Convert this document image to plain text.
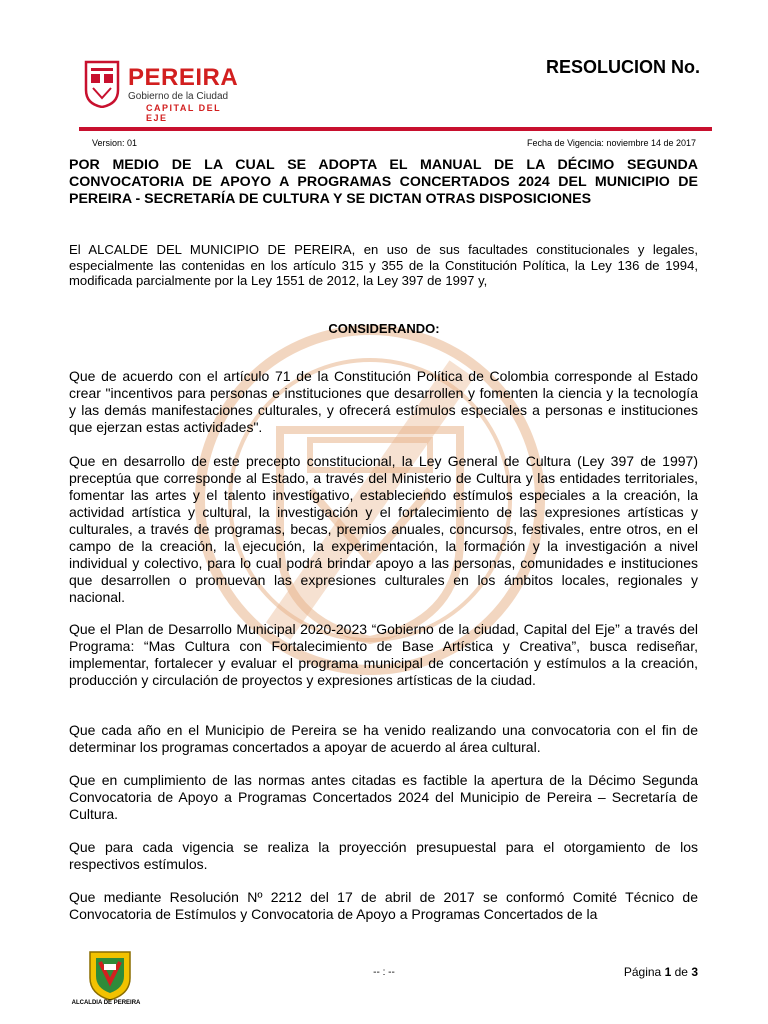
PEREIRA
Gobierno de la Ciudad
CAPITAL DEL EJE
RESOLUCION No.
Version: 01	Fecha de Vigencia: noviembre 14 de 2017
POR MEDIO DE LA CUAL SE ADOPTA EL MANUAL DE LA DÉCIMO SEGUNDA CONVOCATORIA DE APOYO A PROGRAMAS CONCERTADOS 2024 DEL MUNICIPIO DE PEREIRA - SECRETARÍA DE CULTURA Y SE DICTAN OTRAS DISPOSICIONES
El ALCALDE DEL MUNICIPIO DE PEREIRA, en uso de sus facultades constitucionales y legales, especialmente las contenidas en los artículo 315 y 355 de la Constitución Política, la Ley 136 de 1994, modificada parcialmente por la Ley 1551 de 2012, la Ley 397 de 1997 y,
CONSIDERANDO:

Que de acuerdo con el artículo 71 de la Constitución Política de Colombia corresponde al Estado crear "incentivos para personas e instituciones que desarrollen y fomenten la ciencia y la tecnología y las demás manifestaciones culturales, y ofrecerá estímulos especiales a personas e instituciones que ejerzan estas actividades".

Que en desarrollo de este precepto constitucional, la Ley General de Cultura (Ley 397 de 1997) preceptúa que corresponde al Estado, a través del Ministerio de Cultura y las entidades territoriales, fomentar las artes y el talento investigativo, estableciendo estímulos especiales a la creación, la actividad artística y cultural, la investigación y el fortalecimiento de las expresiones artísticas y culturales, a través de programas, becas, premios anuales, concursos, festivales, entre otros, en el campo de la creación, la ejecución, la experimentación, la formación y la investigación a nivel individual y colectivo, para lo cual podrá brindar apoyo a las personas, comunidades e instituciones que desarrollen o promuevan las expresiones culturales en los ámbitos locales, regionales y nacional.

Que el Plan de Desarrollo Municipal 2020-2023 “Gobierno de la ciudad, Capital del Eje” a través del Programa: “Mas Cultura con Fortalecimiento de Base Artística y Creativa”, busca rediseñar, implementar, fortalecer y evaluar el programa municipal de concertación y estímulos a la creación, producción y circulación de proyectos y expresiones artísticas de la ciudad.

Que cada año en el Municipio de Pereira se ha venido realizando una convocatoria con el fin de determinar los programas concertados a apoyar de acuerdo al área cultural.

Que en cumplimiento de las normas antes citadas es factible la apertura de la Décimo Segunda Convocatoria de Apoyo a Programas Concertados 2024 del Municipio de Pereira – Secretaría de Cultura.

Que para cada vigencia se realiza la proyección presupuestal para el otorgamiento de los respectivos estímulos.

Que mediante Resolución Nº 2212 del 17 de abril de 2017 se conformó Comité Técnico de Convocatoria de Estímulos y Convocatoria de Apoyo a Programas Concertados de la

ALCALDIA DE PEREIRA
-- : --	Página 1 de 3
